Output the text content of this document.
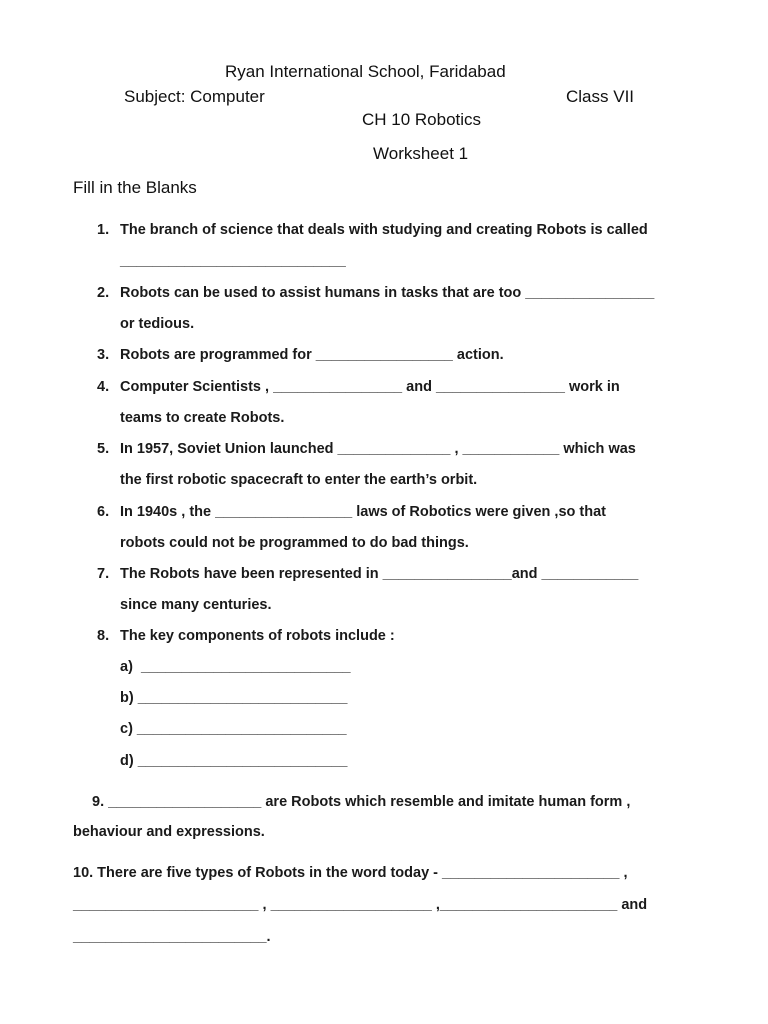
Ryan International School, Faridabad
Subject: Computer	Class VII
CH 10 Robotics
Worksheet 1
Fill in the Blanks
1. The branch of science that deals with studying and creating Robots is called
____________________________
2. Robots can be used to assist humans in tasks that are too ________________
or tedious.
3. Robots are programmed for _________________ action.
4. Computer Scientists , ________________ and ________________ work in
teams to create Robots.
5. In 1957, Soviet Union launched ______________ , ____________ which was
the first robotic spacecraft to enter the earth’s orbit.
6. In 1940s , the _________________ laws of Robotics were given ,so that
robots could not be programmed to do bad things.
7. The Robots have been represented in ________________and ____________
since many centuries.
8. The key components of robots include :
a)  __________________________
b) __________________________
c) __________________________
d) __________________________
9. ___________________ are Robots which resemble and imitate human form ,
behaviour and expressions.
10. There are five types of Robots in the word today - ______________________ ,
_______________________ , ____________________ ,______________________ and
________________________.
